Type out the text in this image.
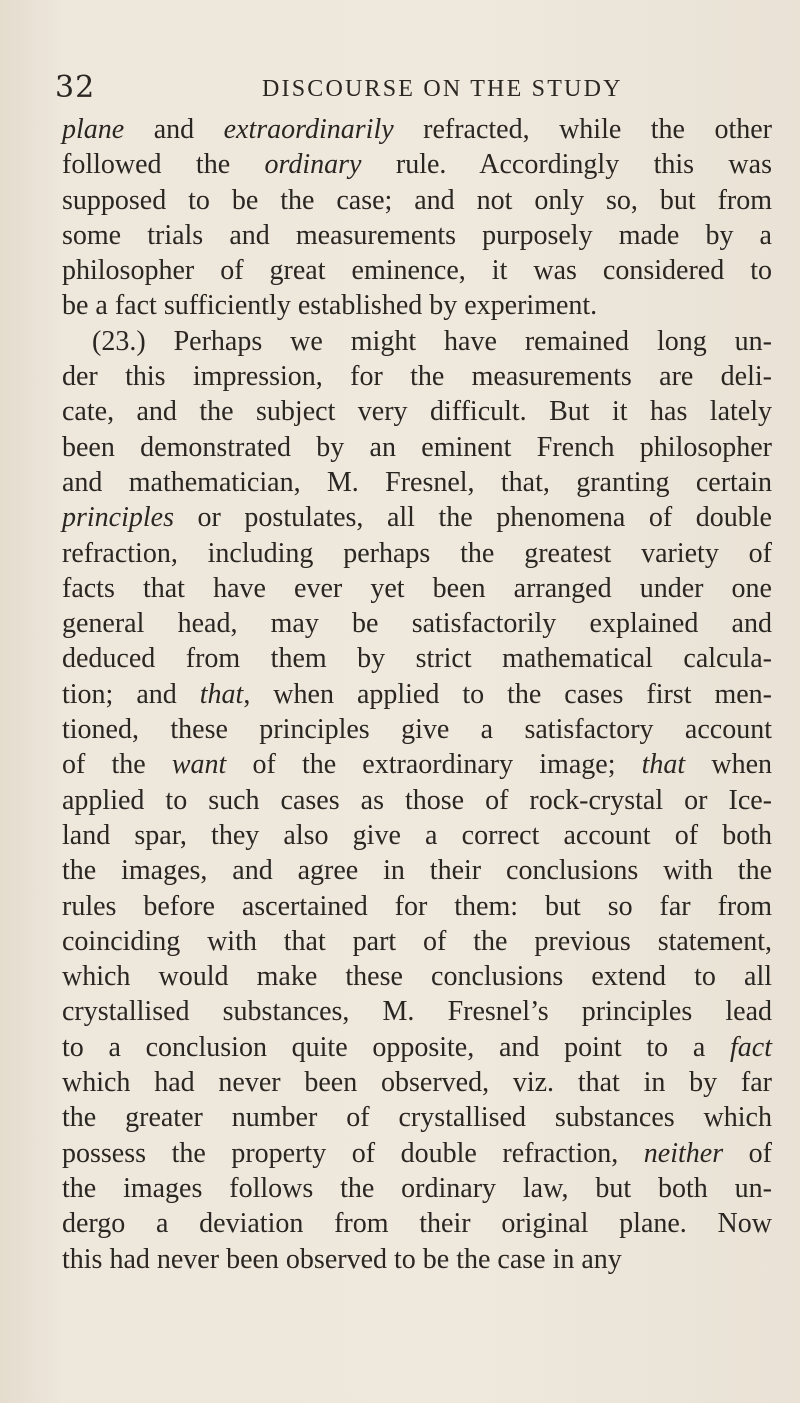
32	DISCOURSE ON THE STUDY
plane and extraordinarily refracted, while the other
followed the ordinary rule. Accordingly this was
supposed to be the case; and not only so, but from
some trials and measurements purposely made by a
philosopher of great eminence, it was considered to
be a fact sufficiently established by experiment.
(23.) Perhaps we might have remained long un-
der this impression, for the measurements are deli-
cate, and the subject very difficult. But it has lately
been demonstrated by an eminent French philosopher
and mathematician, M. Fresnel, that, granting certain
principles or postulates, all the phenomena of double
refraction, including perhaps the greatest variety of
facts that have ever yet been arranged under one
general head, may be satisfactorily explained and
deduced from them by strict mathematical calcula-
tion; and that, when applied to the cases first men-
tioned, these principles give a satisfactory account
of the want of the extraordinary image; that when
applied to such cases as those of rock-crystal or Ice-
land spar, they also give a correct account of both
the images, and agree in their conclusions with the
rules before ascertained for them: but so far from
coinciding with that part of the previous statement,
which would make these conclusions extend to all
crystallised substances, M. Fresnel’s principles lead
to a conclusion quite opposite, and point to a fact
which had never been observed, viz. that in by far
the greater number of crystallised substances which
possess the property of double refraction, neither of
the images follows the ordinary law, but both un-
dergo a deviation from their original plane. Now
this had never been observed to be the case in any
